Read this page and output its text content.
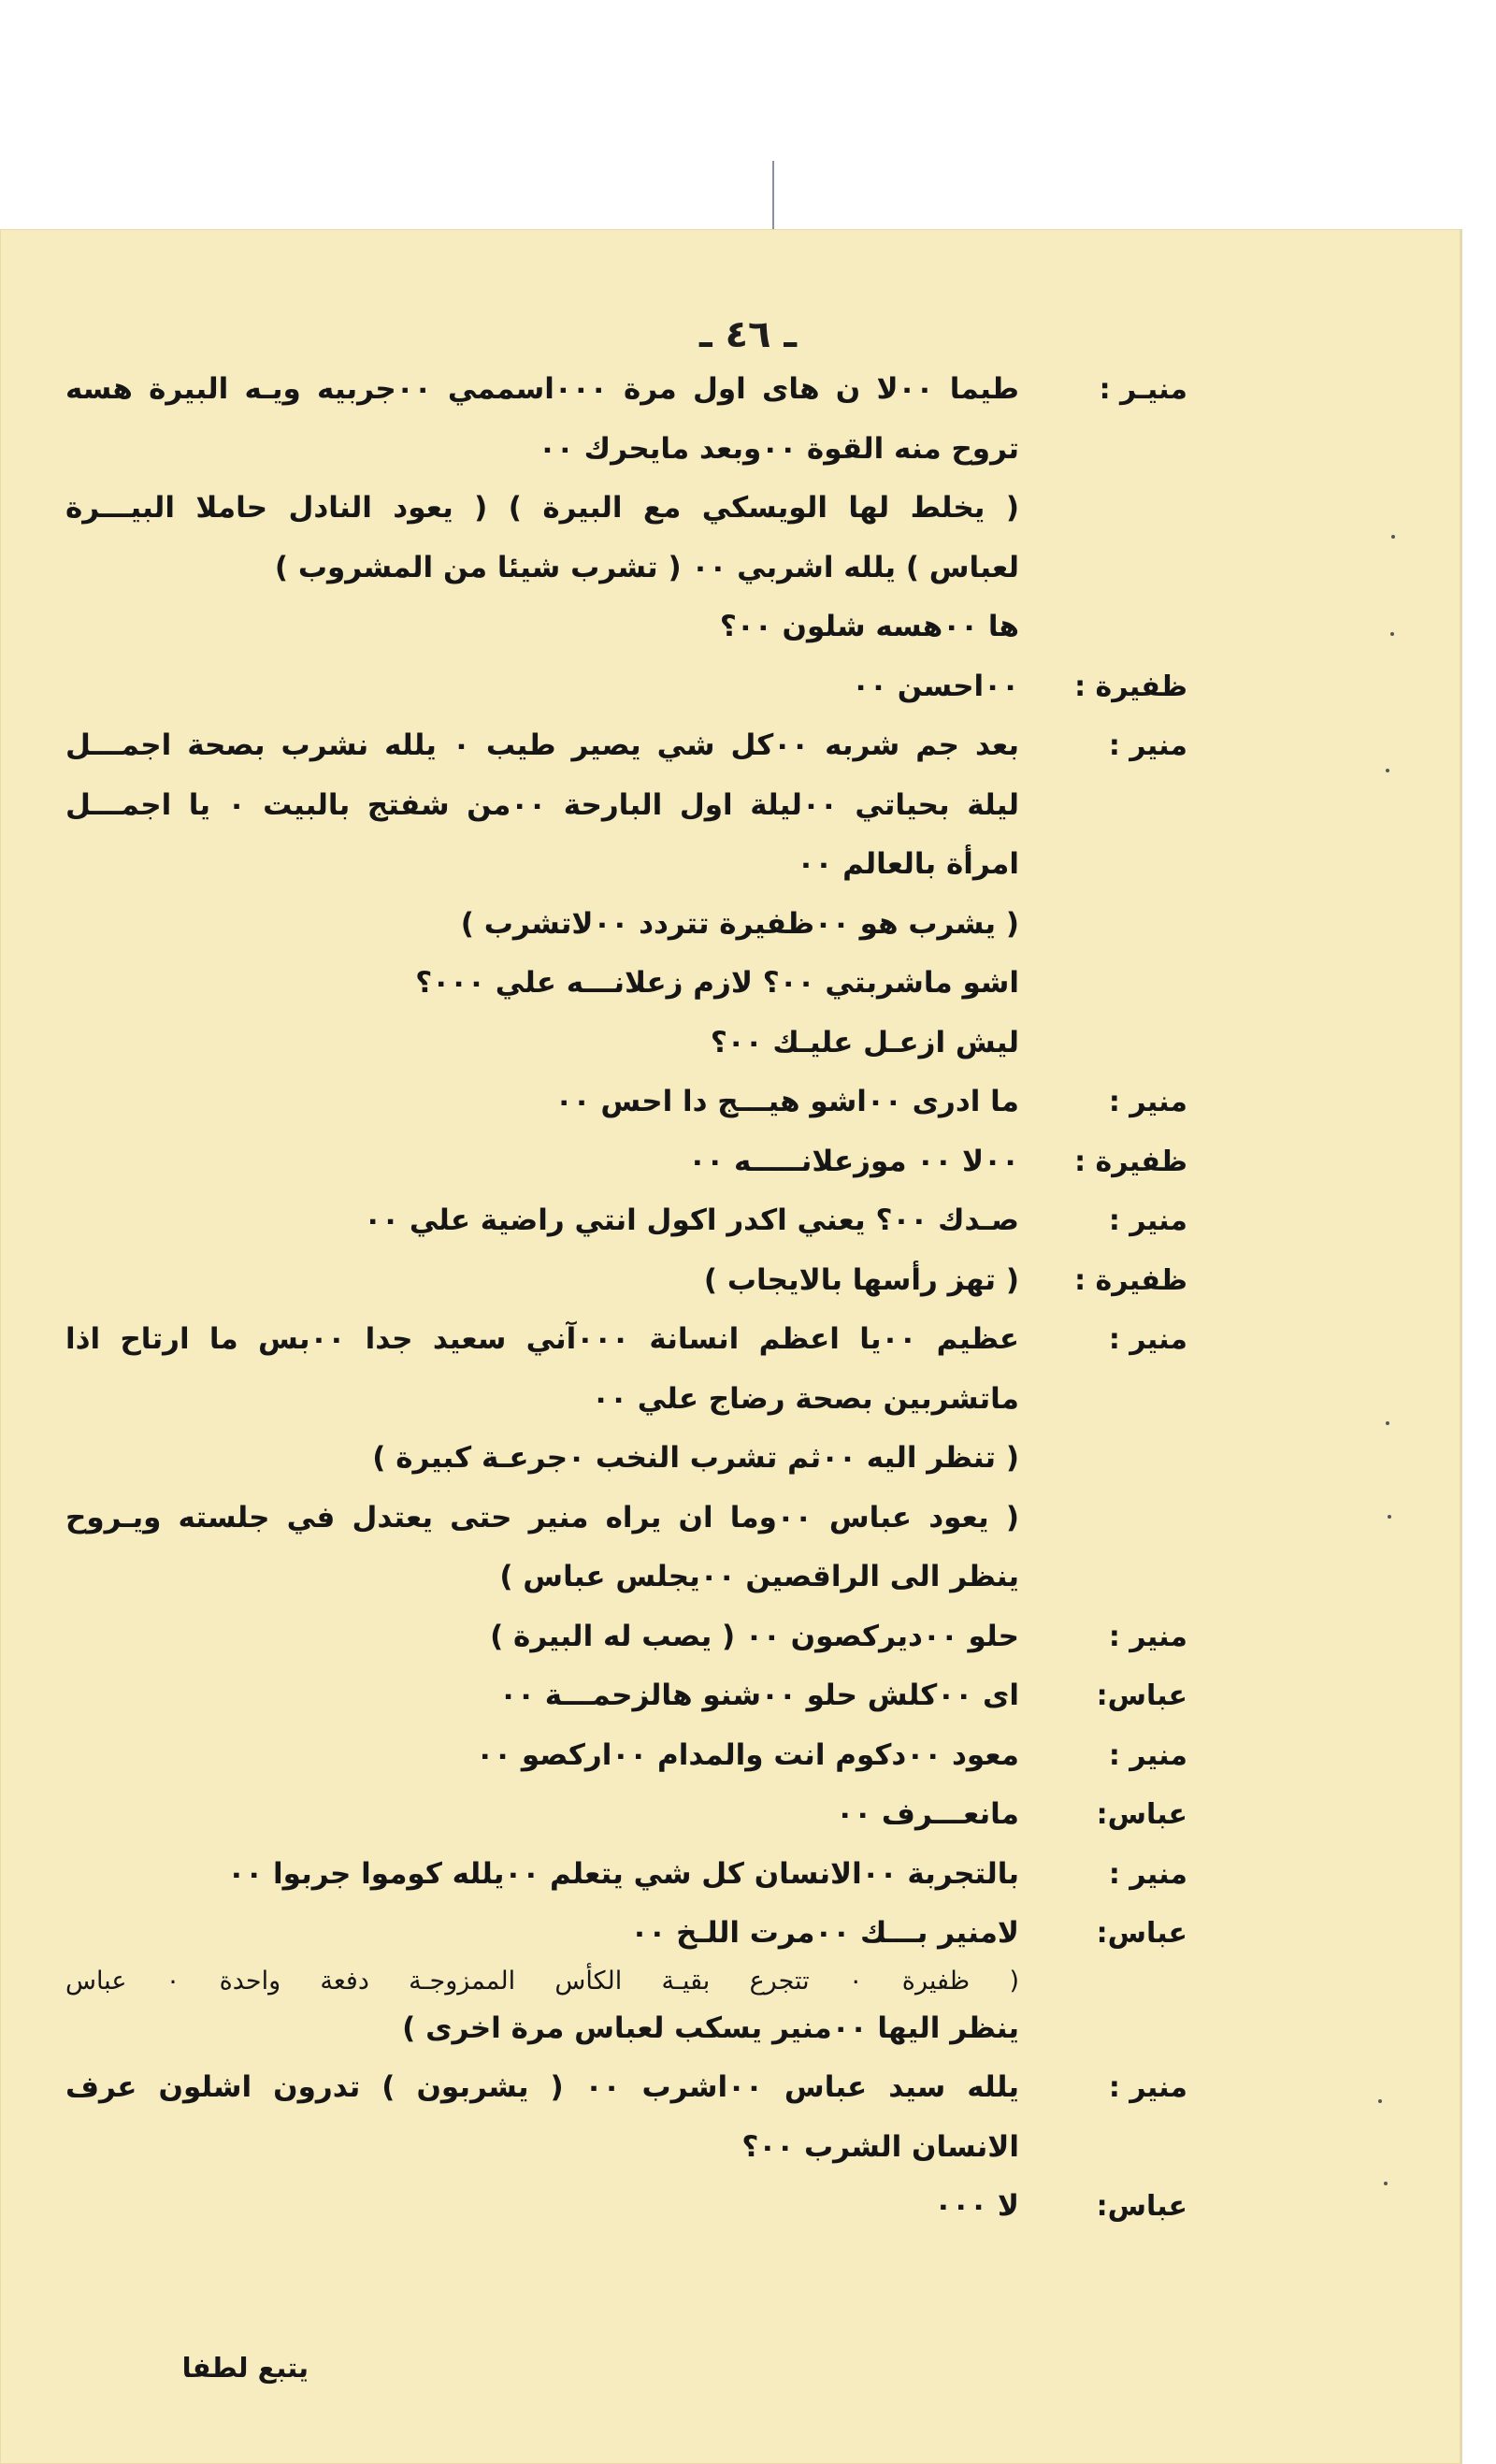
ـ ٤٦ ـ
منيـر :
طيما ٠٠لا ن هاى اول مرة ٠٠٠اسممي ٠٠جربيه ويـه البيرة هسه
تروح منه القوة ٠٠وبعد مايحرك ٠٠
( يخلط لها الويسكي مع البيرة ) ( يعود النادل حاملا البيـــرة
لعباس ) يلله اشربي ٠٠ ( تشرب شيئا من المشروب )
ها ٠٠هسه شلون ٠٠؟
ظفيرة :
٠٠احسن ٠٠
منير :
بعد جم شربه ٠٠كل شي يصير طيب ٠ يلله نشرب بصحة اجمـــل
ليلة بحياتي ٠٠ليلة اول البارحة ٠٠من شفتج بالبيت ٠ يا اجمـــل
امرأة بالعالم ٠٠
( يشرب هو ٠٠ظفيرة تتردد ٠٠لاتشرب )
اشو ماشربتي ٠٠؟ لازم زعلانـــه علي ٠٠٠؟
ليش ازعـل عليـك ٠٠؟
منير :
ما ادرى ٠٠اشو هيـــج دا احس ٠٠
ظفيرة :
٠٠لا ٠٠ موزعلانـــــه ٠٠
منير :
صـدك ٠٠؟ يعني اكدر اكول انتي راضية علي ٠٠
ظفيرة :
( تهز رأسها بالايجاب )
منير :
عظيم ٠٠يا اعظم انسانة ٠٠٠آني سعيد جدا ٠٠بس ما ارتاح اذا
ماتشربين بصحة رضاج علي ٠٠
( تنظر اليه ٠٠ثم تشرب النخب ٠جرعـة كبيرة )
( يعود عباس ٠٠وما ان يراه منير حتى يعتدل في جلسته ويـروح
ينظر الى الراقصين ٠٠يجلس عباس )
منير :
حلو ٠٠ديركصون ٠٠ ( يصب له البيرة )
عباس:
اى ٠٠كلش حلو ٠٠شنو هالزحمـــة ٠٠
منير :
معود ٠٠دكوم انت والمدام ٠٠اركصو ٠٠
عباس:
مانعـــرف ٠٠
منير :
بالتجربة ٠٠الانسان كل شي يتعلم ٠٠يلله كوموا جربوا ٠٠
عباس:
لامنير بـــك ٠٠مرت اللـخ ٠٠
( ظفيرة ٠ تتجرع بقيـة الكأس الممزوجـة دفعة واحدة ٠ عباس
ينظر اليها ٠٠منير يسكب لعباس مرة اخرى )
منير :
يلله سيد عباس ٠٠اشرب ٠٠ ( يشربون ) تدرون اشلون عرف
الانسان الشرب ٠٠؟
عباس:
لا ٠٠٠
يتبع لطفا
